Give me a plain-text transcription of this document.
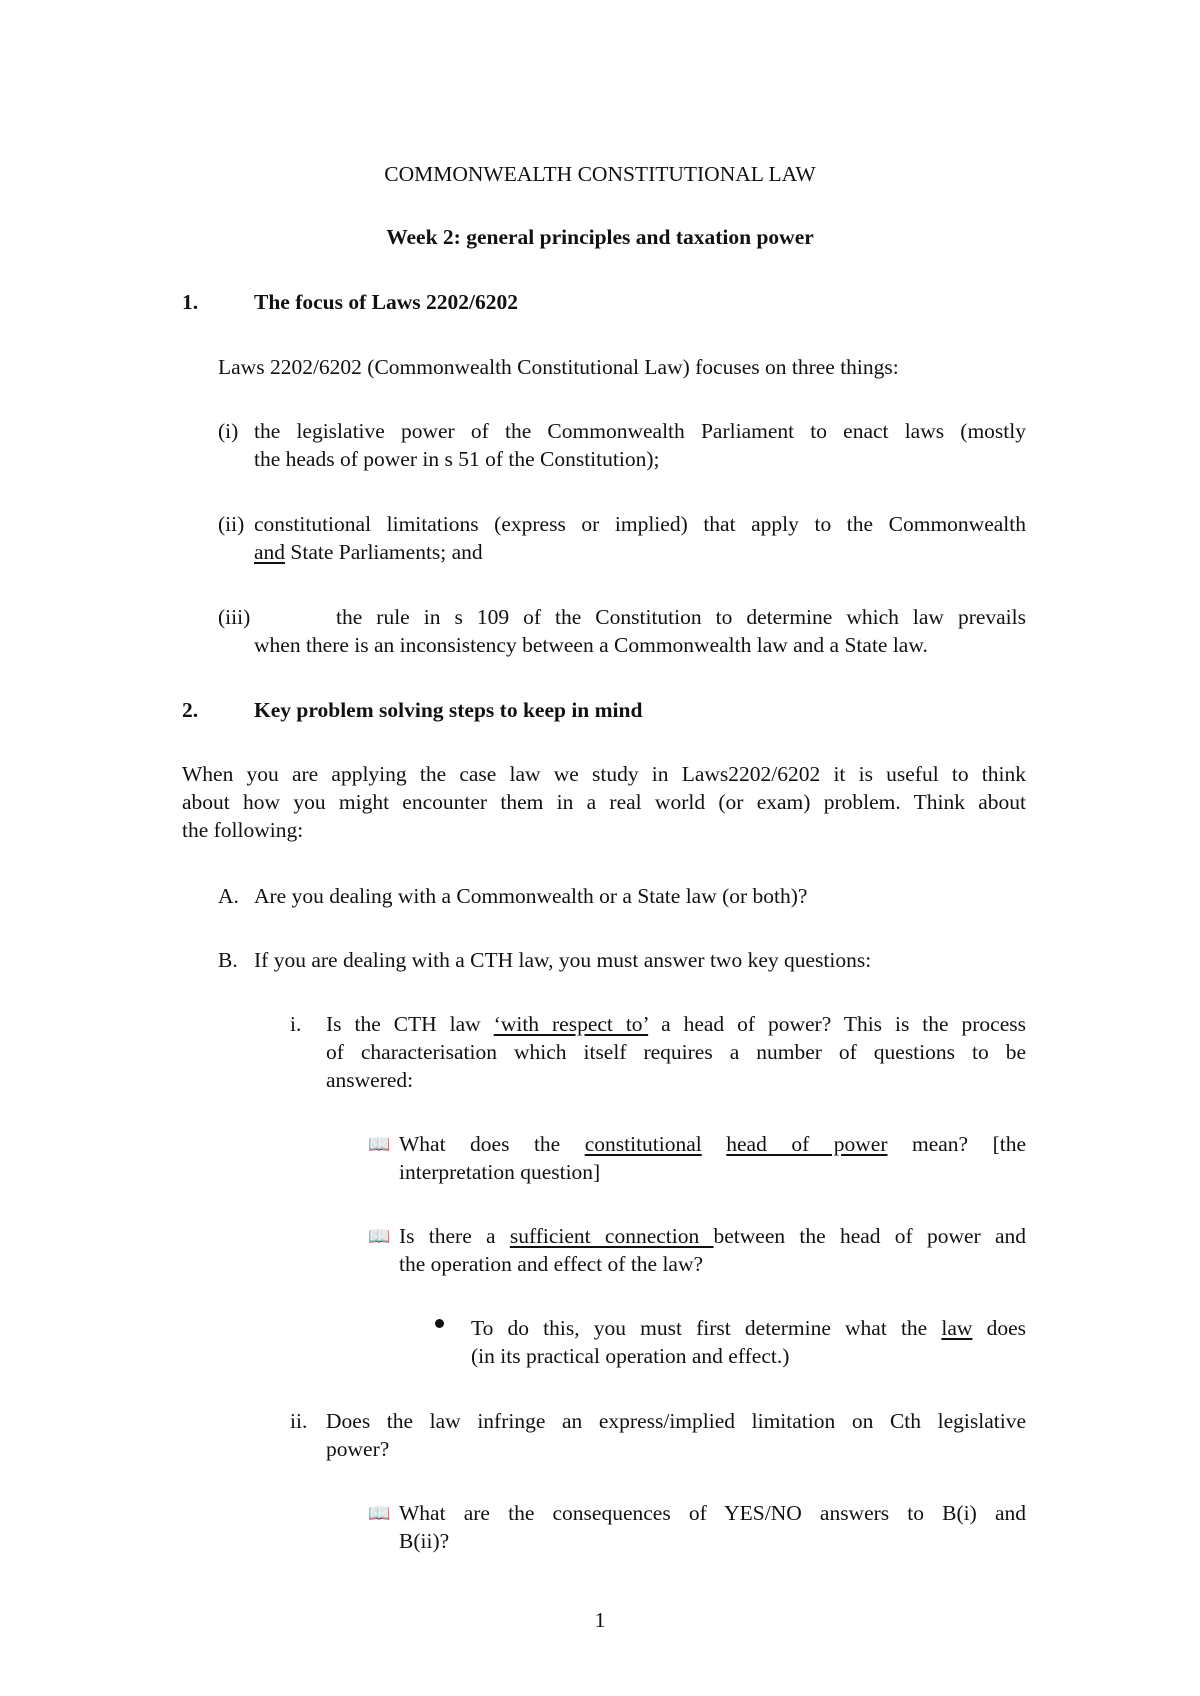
COMMONWEALTH CONSTITUTIONAL LAW
Week 2: general principles and taxation power
1.	The focus of Laws 2202/6202
Laws 2202/6202 (Commonwealth Constitutional Law) focuses on three things:
(i) the legislative power of the Commonwealth Parliament to enact laws (mostly
the heads of power in s 51 of the Constitution);
(ii) constitutional limitations (express or implied) that apply to the Commonwealth
and State Parliaments; and
(iii)	the rule in s 109 of the Constitution to determine which law prevails
when there is an inconsistency between a Commonwealth law and a State law.
2.	Key problem solving steps to keep in mind
When you are applying the case law we study in Laws2202/6202 it is useful to think
about how you might encounter them in a real world (or exam) problem. Think about
the following:
A. Are you dealing with a Commonwealth or a State law (or both)?
B. If you are dealing with a CTH law, you must answer two key questions:
i. Is the CTH law ‘with respect to’ a head of power? This is the process
of characterisation which itself requires a number of questions to be
answered:
📖 What does the constitutional head of power mean? [the
interpretation question]
📖 Is there a sufficient connection between the head of power and
the operation and effect of the law?
To do this, you must first determine what the law does
(in its practical operation and effect.)
ii. Does the law infringe an express/implied limitation on Cth legislative
power?
📖 What are the consequences of YES/NO answers to B(i) and
B(ii)?
1
